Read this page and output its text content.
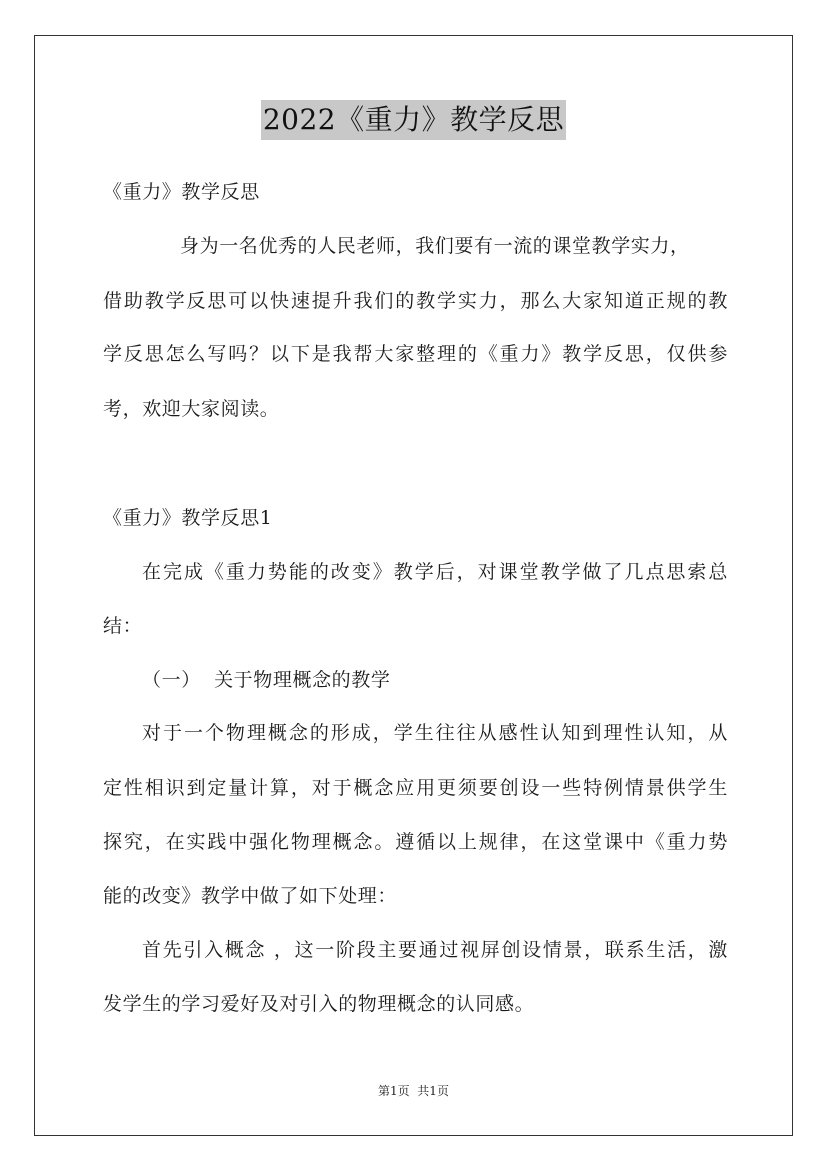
2022《重力》教学反思
《重力》教学反思
身为一名优秀的人民老师，我们要有一流的课堂教学实力，
借助教学反思可以快速提升我们的教学实力，那么大家知道正规的教
学反思怎么写吗？以下是我帮大家整理的《重力》教学反思，仅供参
考，欢迎大家阅读。
《重力》教学反思1
在完成《重力势能的改变》教学后，对课堂教学做了几点思索总
结：
（一）  关于物理概念的教学
对于一个物理概念的形成，学生往往从感性认知到理性认知，从
定性相识到定量计算，对于概念应用更须要创设一些特例情景供学生
探究，在实践中强化物理概念。遵循以上规律，在这堂课中《重力势
能的改变》教学中做了如下处理：
首先引入概念 ，这一阶段主要通过视屏创设情景，联系生活，激
发学生的学习爱好及对引入的物理概念的认同感。
第1页  共1页
